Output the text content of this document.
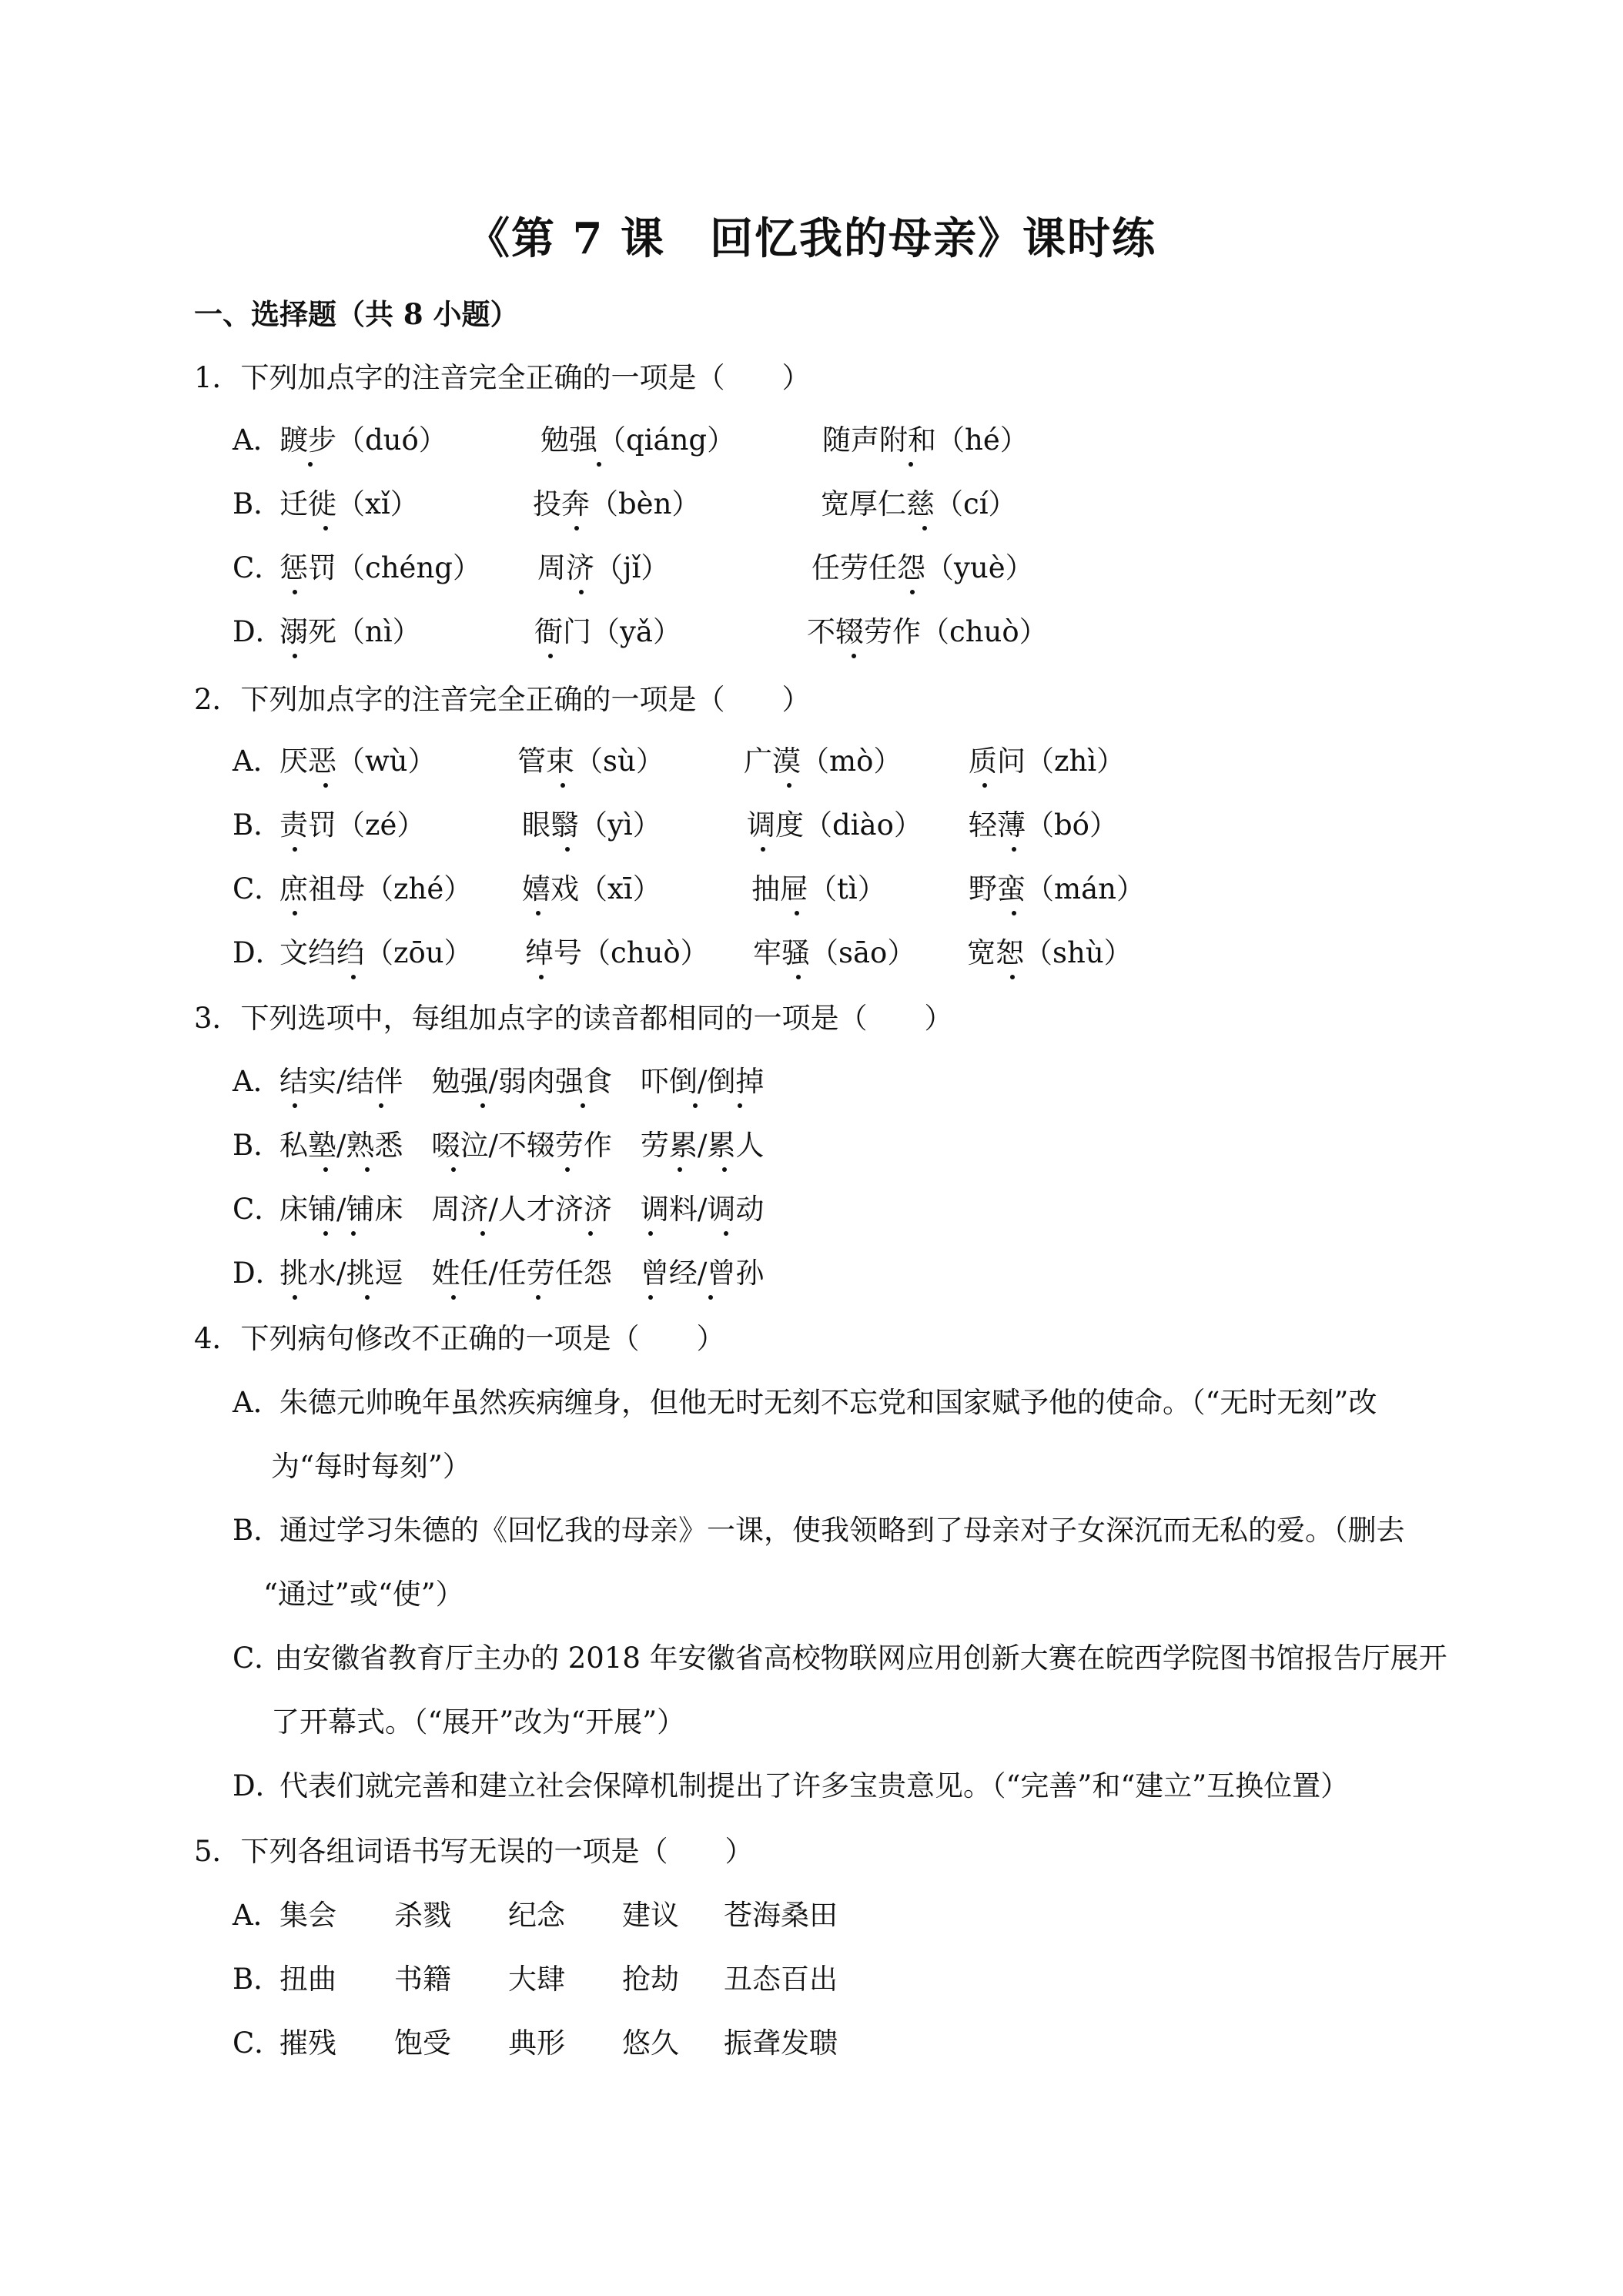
《第 7 课　回忆我的母亲》课时练
一、选择题（共 8 小题）
1．下列加点字的注音完全正确的一项是（　　）
A．
踱步（duó）	勉强（qiáng）	随声附和（hé）
B．
迁徙（xǐ）	投奔（bèn）	宽厚仁慈（cí）
C．
惩罚（chéng） 周济（jǐ）	任劳任怨（yuè）
D．
溺死（nì）	衙门（yǎ）	不辍劳作（chuò）
2．下列加点字的注音完全正确的一项是（　　）
A．
厌恶（wù）	管束（sù）	广漠（mò） 质问（zhì）
B．
责罚（zé）	眼翳（yì）	调度（diào） 轻薄（bó）
C．
庶祖母（zhé） 嬉戏（xī）	抽屉（tì）	野蛮（mán）
D．
文绉绉（zōu） 绰号（chuò） 牢骚（sāo） 宽恕（shù）
3．下列选项中，每组加点字的读音都相同的一项是（　　）
A．
结实/结伴　勉强/弱肉强食　吓倒/倒掉
B．
私塾/熟悉　啜泣/不辍劳作　劳累/累人
C．
床铺/铺床　周济/人才济济　调料/调动
D．
挑水/挑逗　姓任/任劳任怨　曾经/曾孙
4．下列病句修改不正确的一项是（　　）
A．
朱德元帅晚年虽然疾病缠身，但他无时无刻不忘党和国家赋予他的使命。（“无时无刻”改
为“每时每刻”）
B．
通过学习朱德的《回忆我的母亲》一课，使我领略到了母亲对子女深沉而无私的爱。（删去
“通过”或“使”）
C．
由安徽省教育厅主办的 2018 年安徽省高校物联网应用创新大赛在皖西学院图书馆报告厅展开
了开幕式。（“展开”改为“开展”）
D．
代表们就完善和建立社会保障机制提出了许多宝贵意见。（“完善”和“建立”互换位置）
5．下列各组词语书写无误的一项是（　　）
A．
集会 杀戮 纪念 建议 苍海桑田
B．
扭曲 书籍 大肆 抢劫 丑态百出
C．
摧残 饱受 典形 悠久 振聋发聩
